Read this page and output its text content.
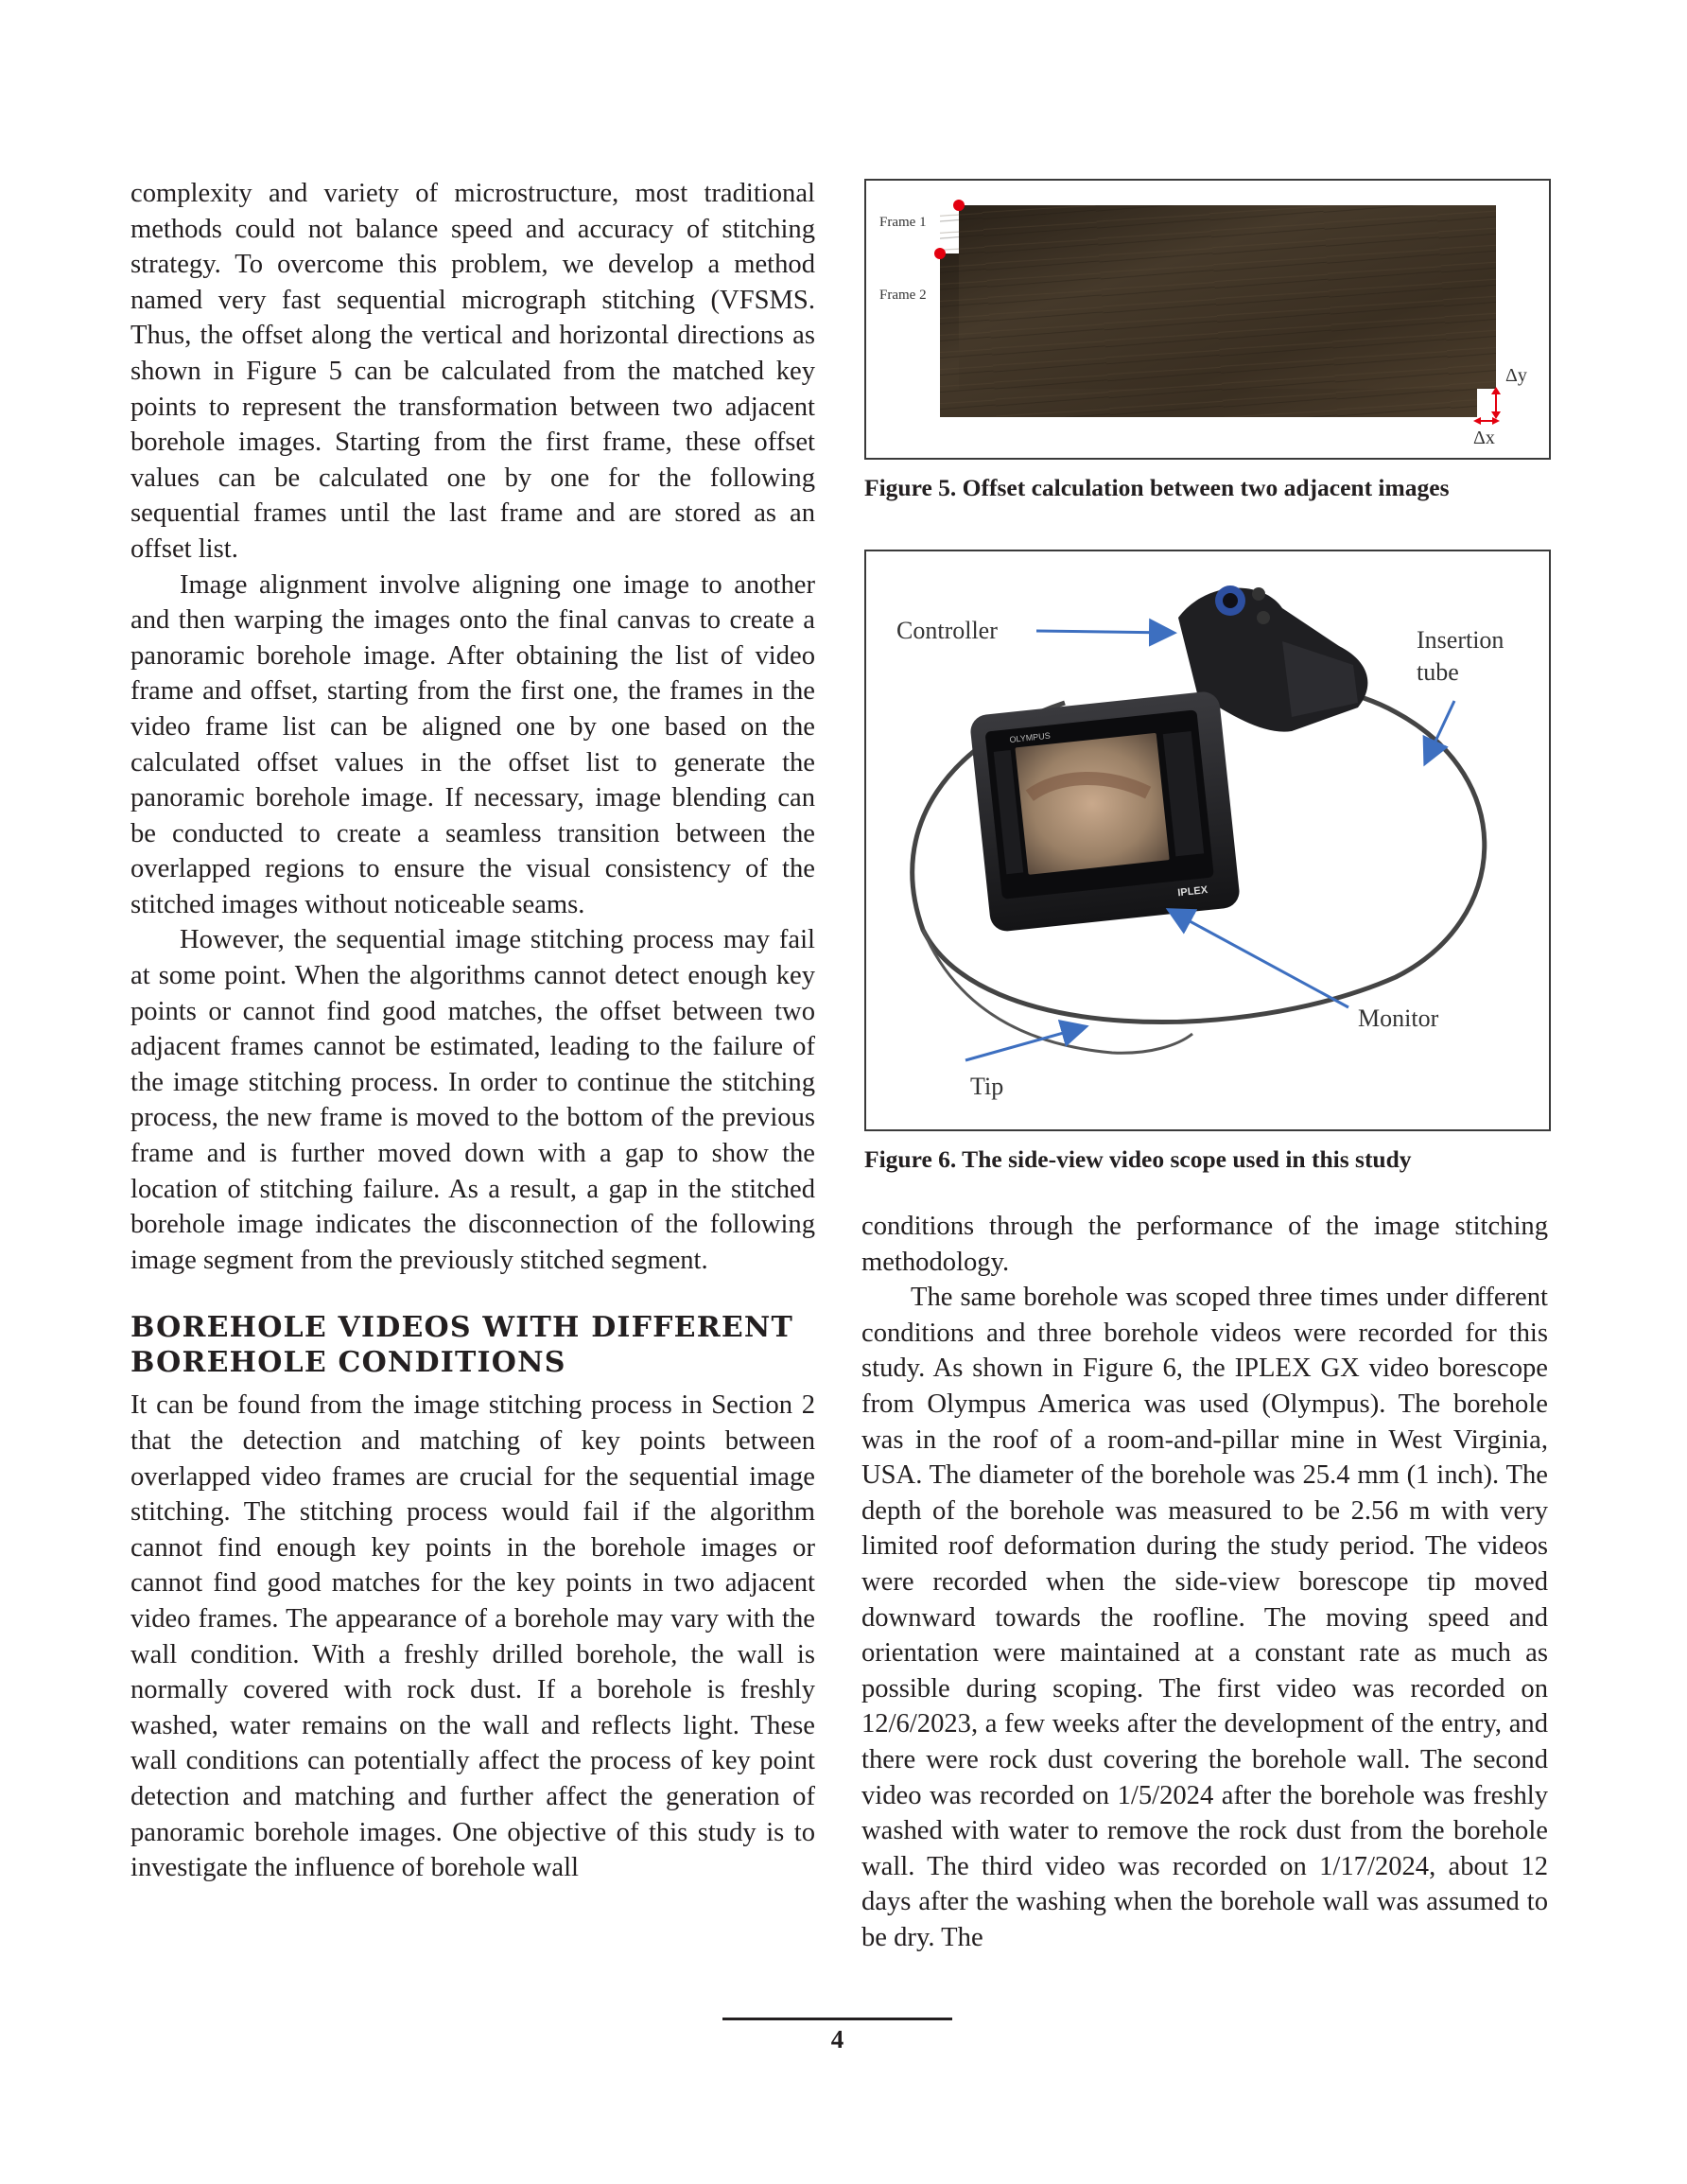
complexity and variety of microstructure, most traditional methods could not balance speed and accuracy of stitching strategy. To overcome this problem, we develop a method named very fast sequential micrograph stitching (VFSMS. Thus, the offset along the vertical and horizontal directions as shown in Figure 5 can be calculated from the matched key points to represent the transformation between two adjacent borehole images. Starting from the first frame, these offset values can be calculated one by one for the following sequential frames until the last frame and are stored as an offset list.

Image alignment involve aligning one image to another and then warping the images onto the final canvas to create a panoramic borehole image. After obtaining the list of video frame and offset, starting from the first one, the frames in the video frame list can be aligned one by one based on the calculated offset values in the offset list to generate the panoramic borehole image. If necessary, image blending can be conducted to create a seamless transition between the overlapped regions to ensure the visual consistency of the stitched images without noticeable seams.

However, the sequential image stitching process may fail at some point. When the algorithms cannot detect enough key points or cannot find good matches, the offset between two adjacent frames cannot be estimated, leading to the failure of the image stitching process. In order to continue the stitching process, the new frame is moved to the bottom of the previous frame and is further moved down with a gap to show the location of stitching failure. As a result, a gap in the stitched borehole image indicates the disconnection of the following image segment from the previously stitched segment.

BOREHOLE VIDEOS WITH DIFFERENT
BOREHOLE CONDITIONS

It can be found from the image stitching process in Section 2 that the detection and matching of key points between overlapped video frames are crucial for the sequential image stitching. The stitching process would fail if the algorithm cannot find enough key points in the borehole images or cannot find good matches for the key points in two adjacent video frames. The appearance of a borehole may vary with the wall condition. With a freshly drilled borehole, the wall is normally covered with rock dust. If a borehole is freshly washed, water remains on the wall and reflects light. These wall conditions can potentially affect the process of key point detection and matching and further affect the generation of panoramic borehole images. One objective of this study is to investigate the influence of borehole wall

Frame 1
Frame 2
Δy
Δx
Figure 5. Offset calculation between two adjacent images
OLYMPUS
IPLEX
Controller	Insertion
tube
Monitor
Tip
Figure 6. The side-view video scope used in this study

conditions through the performance of the image stitching methodology.

The same borehole was scoped three times under different conditions and three borehole videos were recorded for this study. As shown in Figure 6, the IPLEX GX video borescope from Olympus America was used (Olympus). The borehole was in the roof of a room-and-pillar mine in West Virginia, USA. The diameter of the borehole was 25.4 mm (1 inch). The depth of the borehole was measured to be 2.56 m with very limited roof deformation during the study period. The videos were recorded when the side-view borescope tip moved downward towards the roofline. The moving speed and orientation were maintained at a constant rate as much as possible during scoping. The first video was recorded on 12/6/2023, a few weeks after the development of the entry, and there were rock dust covering the borehole wall. The second video was recorded on 1/5/2024 after the borehole was freshly washed with water to remove the rock dust from the borehole wall. The third video was recorded on 1/17/2024, about 12 days after the washing when the borehole wall was assumed to be dry. The

4
